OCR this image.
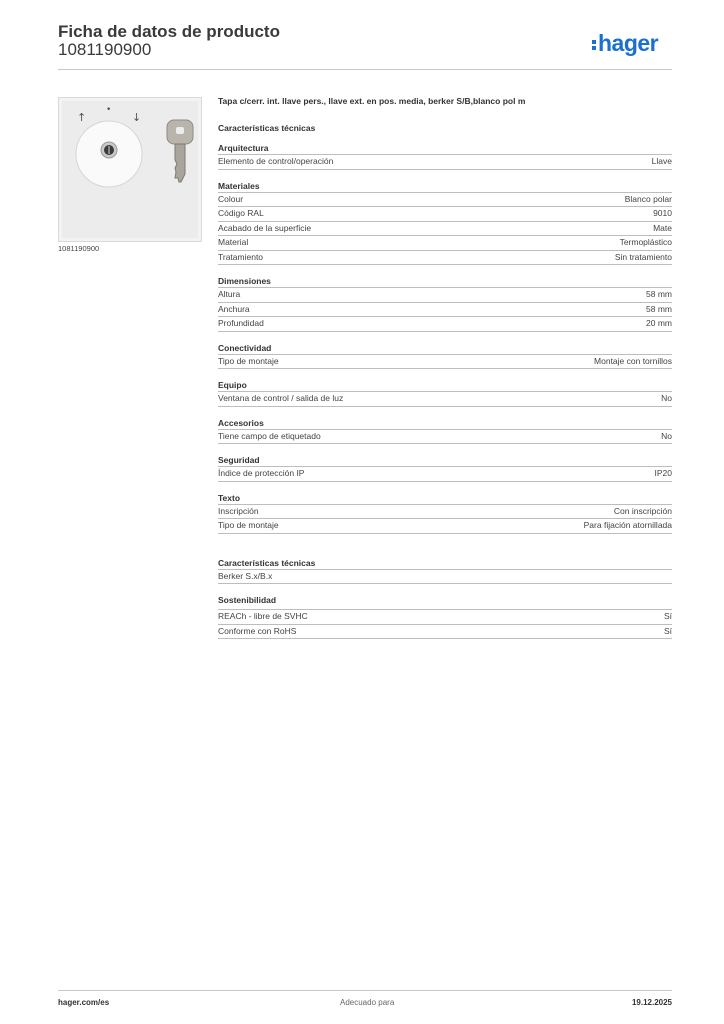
Ficha de datos de producto
1081190900	hager
↑
•
↓
1081190900
Tapa c/cerr. int. llave pers., llave ext. en pos. media, berker S/B,blanco pol m
Características técnicas
Arquitectura
Elemento de control/operación	Llave
Materiales
Colour	Blanco polar
Código RAL	9010
Acabado de la superficie	Mate
Material	Termoplástico
Tratamiento	Sin tratamiento
Dimensiones
Altura	58 mm
Anchura	58 mm
Profundidad	20 mm
Conectividad
Tipo de montaje	Montaje con tornillos
Equipo
Ventana de control / salida de luz	No
Accesorios
Tiene campo de etiquetado	No
Seguridad
Índice de protección IP	IP20
Texto
Inscripción	Con inscripción
Tipo de montaje	Para fijación atornillada
Características técnicas
Berker S.x/B.x
Sostenibilidad
REACh - libre de SVHC	Sí
Conforme con RoHS	Sí
hager.com/es	Adecuado para	19.12.2025
